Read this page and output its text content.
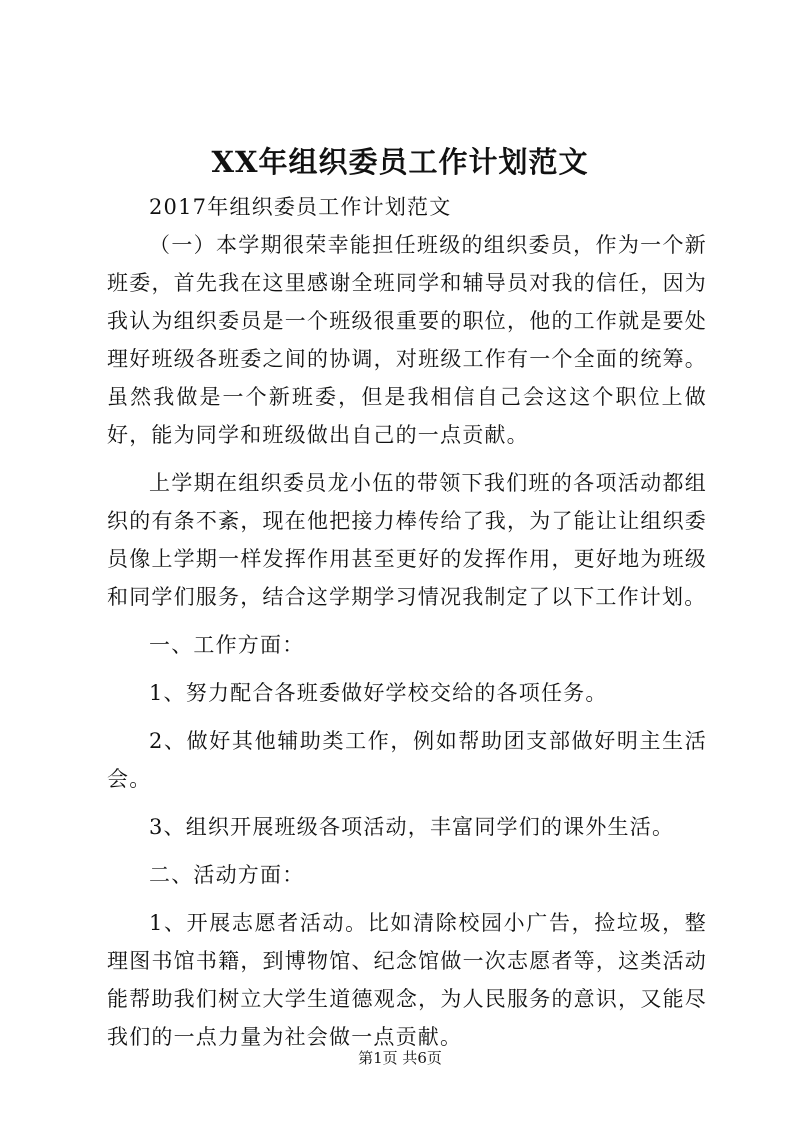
XX年组织委员工作计划范文

2017年组织委员工作计划范文

（一）本学期很荣幸能担任班级的组织委员，作为一个新班委，首先我在这里感谢全班同学和辅导员对我的信任，因为我认为组织委员是一个班级很重要的职位，他的工作就是要处理好班级各班委之间的协调，对班级工作有一个全面的统筹。虽然我做是一个新班委，但是我相信自己会这这个职位上做好，能为同学和班级做出自己的一点贡献。

上学期在组织委员龙小伍的带领下我们班的各项活动都组织的有条不紊，现在他把接力棒传给了我，为了能让让组织委员像上学期一样发挥作用甚至更好的发挥作用，更好地为班级和同学们服务，结合这学期学习情况我制定了以下工作计划。

一、工作方面：

1、努力配合各班委做好学校交给的各项任务。

2、做好其他辅助类工作，例如帮助团支部做好明主生活会。

3、组织开展班级各项活动，丰富同学们的课外生活。

二、活动方面：

1、开展志愿者活动。比如清除校园小广告，捡垃圾，整理图书馆书籍，到博物馆、纪念馆做一次志愿者等，这类活动能帮助我们树立大学生道德观念，为人民服务的意识，又能尽我们的一点力量为社会做一点贡献。

第1页 共6页
